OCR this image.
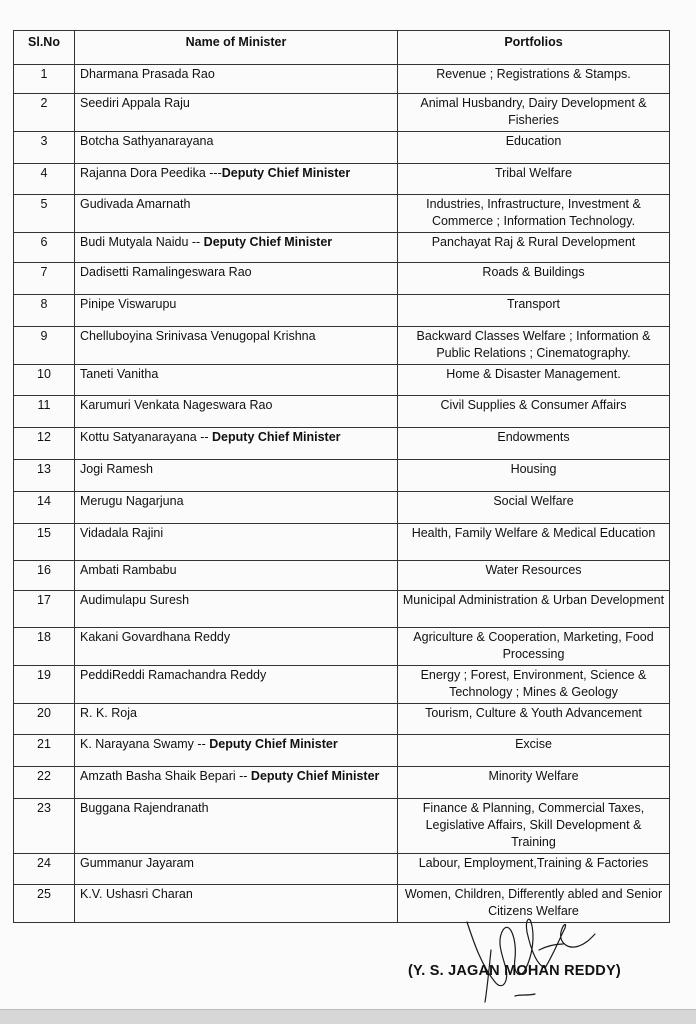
Sl.No	Name of Minister	Portfolios
1	Dharmana Prasada Rao	Revenue ; Registrations & Stamps.
2	Seediri Appala Raju	Animal Husbandry, Dairy Development & Fisheries
3	Botcha Sathyanarayana	Education
4	Rajanna Dora Peedika ---Deputy Chief Minister	Tribal Welfare
5	Gudivada Amarnath	Industries, Infrastructure, Investment & Commerce ; Information Technology.
6	Budi Mutyala Naidu -- Deputy Chief Minister	Panchayat Raj & Rural Development
7	Dadisetti Ramalingeswara Rao	Roads & Buildings
8	Pinipe Viswarupu	Transport
9	Chelluboyina Srinivasa Venugopal Krishna	Backward Classes Welfare ; Information & Public Relations ; Cinematography.
10	Taneti Vanitha	Home & Disaster Management.
11	Karumuri Venkata Nageswara Rao	Civil Supplies & Consumer Affairs
12	Kottu Satyanarayana -- Deputy Chief Minister	Endowments
13	Jogi Ramesh	Housing
14	Merugu Nagarjuna	Social Welfare
15	Vidadala Rajini	Health, Family Welfare & Medical Education
16	Ambati Rambabu	Water Resources
17	Audimulapu Suresh	Municipal Administration & Urban Development
18	Kakani Govardhana Reddy	Agriculture & Cooperation, Marketing, Food Processing
19	PeddiReddi Ramachandra Reddy	Energy ; Forest, Environment, Science & Technology ; Mines & Geology
20	R. K. Roja	Tourism, Culture & Youth Advancement
21	K. Narayana Swamy -- Deputy Chief Minister	Excise
22	Amzath Basha Shaik Bepari -- Deputy Chief Minister	Minority Welfare
23	Buggana Rajendranath	Finance & Planning, Commercial Taxes, Legislative Affairs, Skill Development & Training
24	Gummanur Jayaram	Labour, Employment,Training & Factories
25	K.V. Ushasri Charan	Women, Children, Differently abled and Senior Citizens Welfare
(Y. S. JAGAN MOHAN REDDY)
